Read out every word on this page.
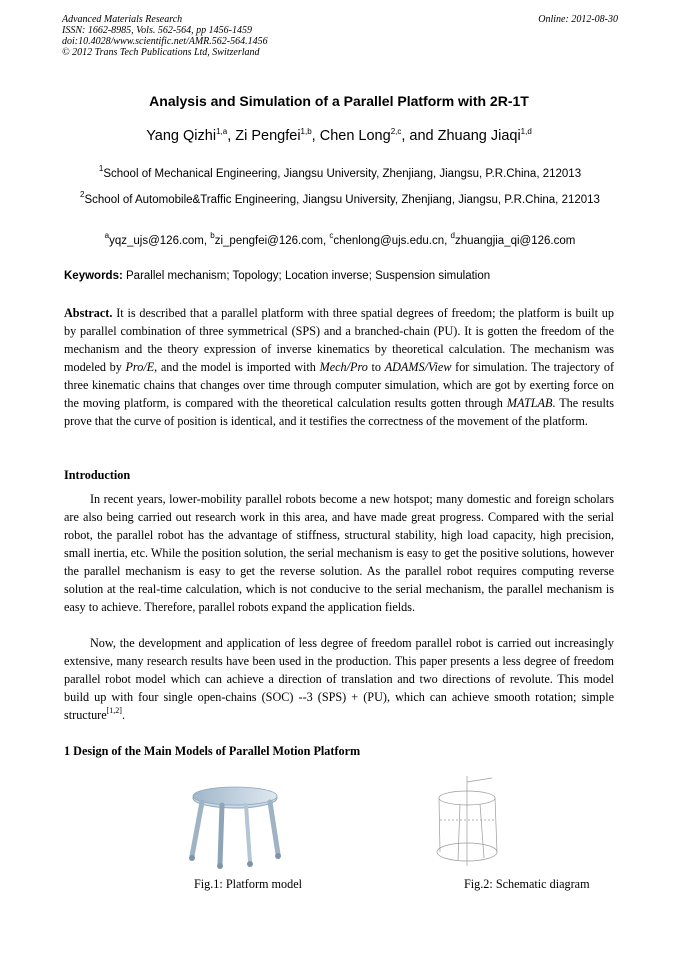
Advanced Materials Research
ISSN: 1662-8985, Vols. 562-564, pp 1456-1459
doi:10.4028/www.scientific.net/AMR.562-564.1456
© 2012 Trans Tech Publications Ltd, Switzerland
Online: 2012-08-30
Analysis and Simulation of a Parallel Platform with 2R-1T
Yang Qizhi$^{1,a}$, Zi Pengfei$^{1,b}$, Chen Long$^{2,c}$, and Zhuang Jiaqi$^{1,d}$
$^1$School of Mechanical Engineering, Jiangsu University, Zhenjiang, Jiangsu, P.R.China, 212013
$^2$School of Automobile&Traffic Engineering, Jiangsu University, Zhenjiang, Jiangsu, P.R.China, 212013
$^a$yqz_ujs@126.com, $^b$zi_pengfei@126.com, $^c$chenlong@ujs.edu.cn, $^d$zhuangjia_qi@126.com
Keywords: Parallel mechanism; Topology; Location inverse; Suspension simulation
Abstract. It is described that a parallel platform with three spatial degrees of freedom; the platform is built up by parallel combination of three symmetrical (SPS) and a branched-chain (PU). It is gotten the freedom of the mechanism and the theory expression of inverse kinematics by theoretical calculation. The mechanism was modeled by Pro/E, and the model is imported with Mech/Pro to ADAMS/View for simulation. The trajectory of three kinematic chains that changes over time through computer simulation, which are got by exerting force on the moving platform, is compared with the theoretical calculation results gotten through MATLAB. The results prove that the curve of position is identical, and it testifies the correctness of the movement of the platform.
Introduction

In recent years, lower-mobility parallel robots become a new hotspot; many domestic and foreign scholars are also being carried out research work in this area, and have made great progress. Compared with the serial robot, the parallel robot has the advantage of stiffness, structural stability, high load capacity, high precision, small inertia, etc. While the position solution, the serial mechanism is easy to get the positive solutions, however the parallel mechanism is easy to get the reverse solution. As the parallel robot requires computing reverse solution at the real-time calculation, which is not conducive to the serial mechanism, the parallel mechanism is easy to achieve. Therefore, parallel robots expand the application fields.

Now, the development and application of less degree of freedom parallel robot is carried out increasingly extensive, many research results have been used in the production. This paper presents a less degree of freedom parallel robot model which can achieve a direction of translation and two directions of revolute. This model build up with four single open-chains (SOC) --3 (SPS) + (PU), which can achieve smooth rotation; simple structure[1,2].

1 Design of the Main Models of Parallel Motion Platform
Fig.1: Platform model	Fig.2: Schematic diagram
